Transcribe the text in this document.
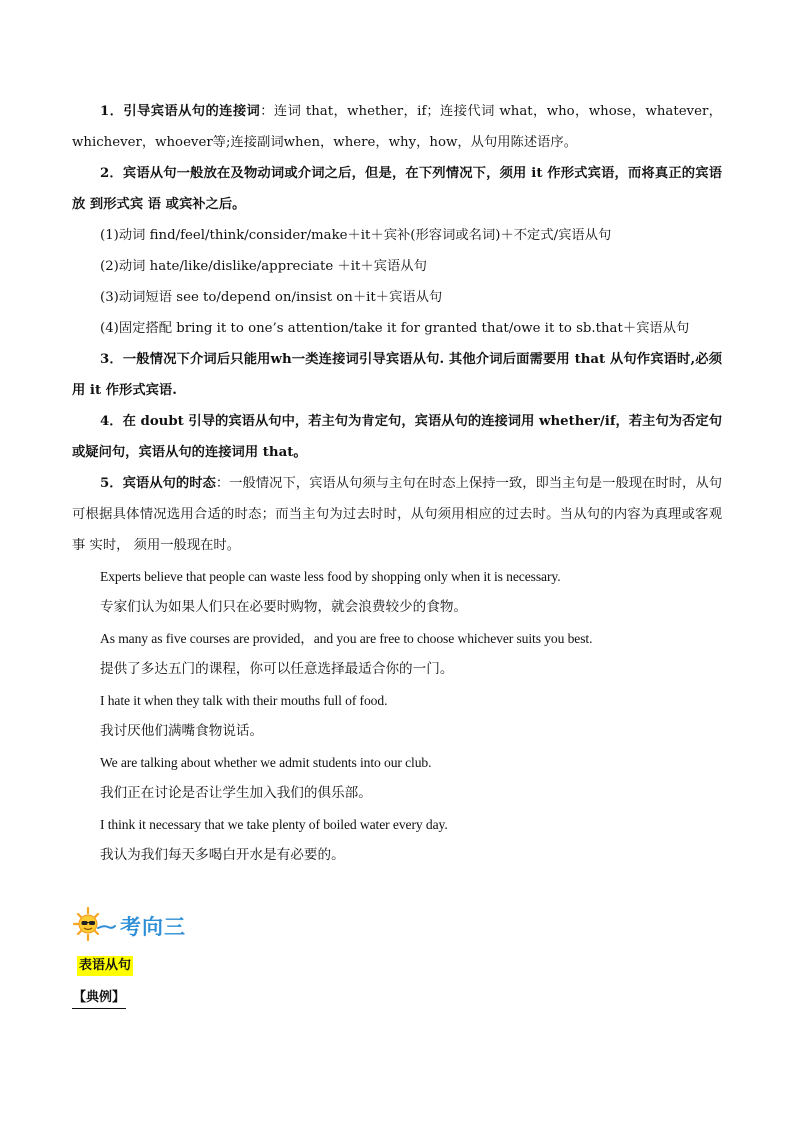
1．引导宾语从句的连接词：连词 that，whether，if；连接代词 what，who，whose，whatever，whichever，whoever等;连接副词when，where，why，how，从句用陈述语序。

2．宾语从句一般放在及物动词或介词之后，但是，在下列情况下，须用 it 作形式宾语，而将真正的宾语放 到形式宾 语 或宾补之后。

(1)动词 find/feel/think/consider/make＋it＋宾补(形容词或名词)＋不定式/宾语从句

(2)动词 hate/like/dislike/appreciate ＋it＋宾语从句

(3)动词短语 see to/depend on/insist on＋it＋宾语从句

(4)固定搭配 bring it to one’s attention/take it for granted that/owe it to sb.that＋宾语从句

3．一般情况下介词后只能用wh一类连接词引导宾语从句. 其他介词后面需要用 that 从句作宾语时,必须用 it 作形式宾语.

4．在 doubt 引导的宾语从句中，若主句为肯定句，宾语从句的连接词用 whether/if，若主句为否定句或疑问句，宾语从句的连接词用 that。

5．宾语从句的时态：一般情况下，宾语从句须与主句在时态上保持一致，即当主句是一般现在时时，从句可根据具体情况选用合适的时态；而当主句为过去时时，从句须用相应的过去时。当从句的内容为真理或客观事 实时， 须用一般现在时。

Experts believe that people can waste less food by shopping only when it is necessary.

专家们认为如果人们只在必要时购物，就会浪费较少的食物。

As many as five courses are provided，and you are free to choose whichever suits you best.

提供了多达五门的课程，你可以任意选择最适合你的一门。

I hate it when they talk with their mouths full of food.

我讨厌他们满嘴食物说话。

We are talking about whether we admit students into our club.

我们正在讨论是否让学生加入我们的俱乐部。

I think it necessary that we take plenty of boiled water every day.

我认为我们每天多喝白开水是有必要的。

考向三
表语从句
【典例】
